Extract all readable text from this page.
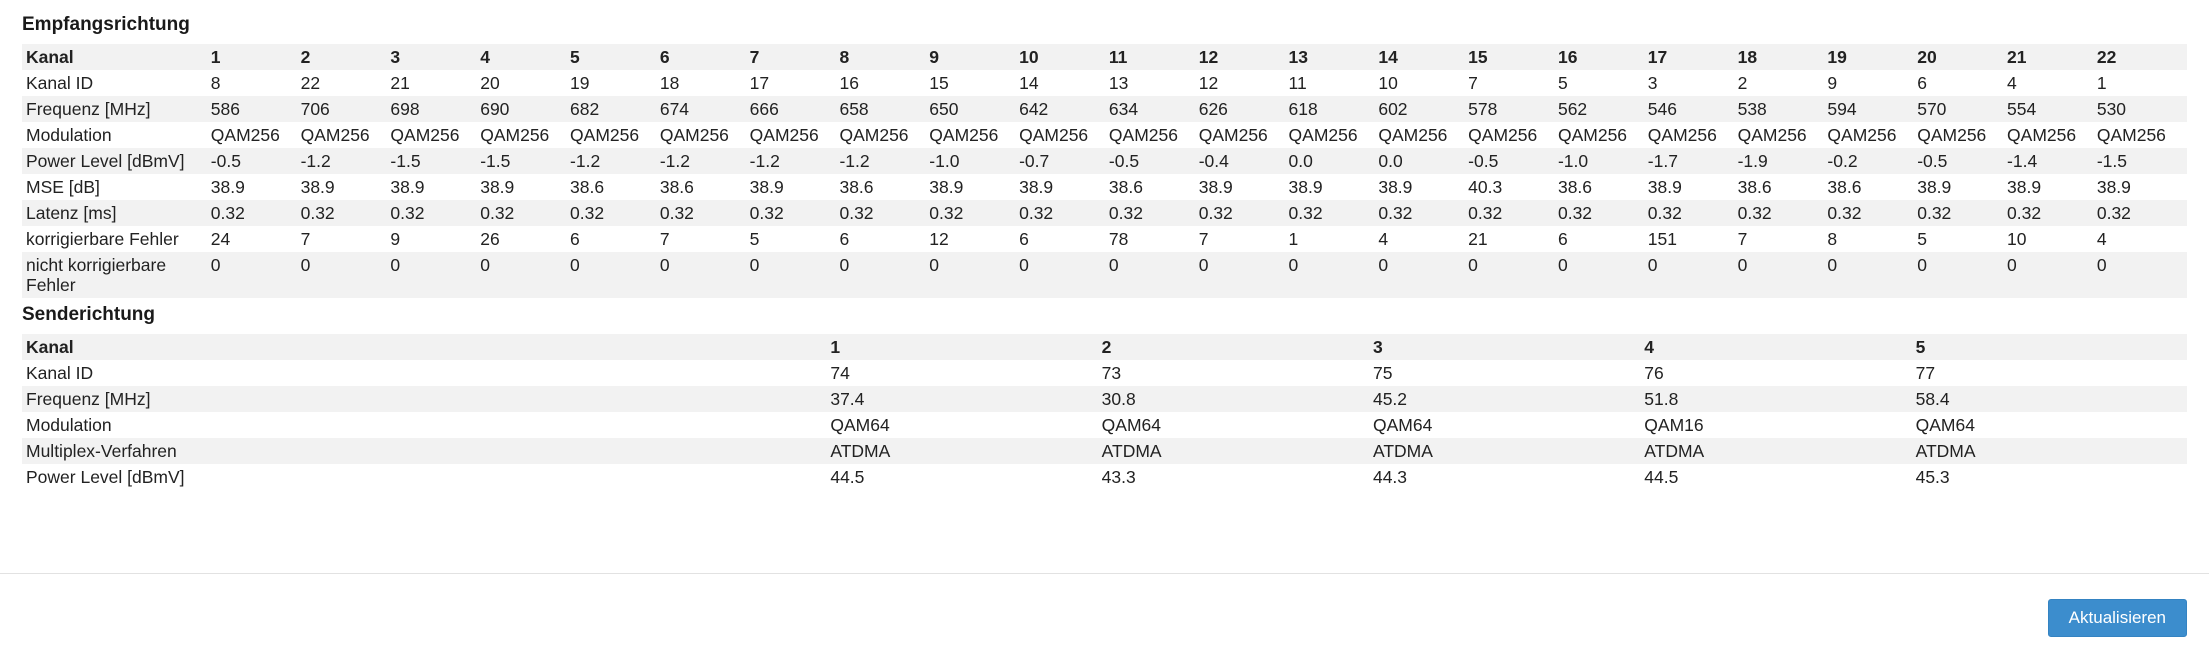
Empfangsrichtung
Kanal	1	2	3	4	5	6	7	8	9	10	11	12	13	14	15	16	17	18	19	20	21	22
Kanal ID	8	22	21	20	19	18	17	16	15	14	13	12	11	10	7	5	3	2	9	6	4	1
Frequenz [MHz]	586	706	698	690	682	674	666	658	650	642	634	626	618	602	578	562	546	538	594	570	554	530
Modulation	QAM256	QAM256	QAM256	QAM256	QAM256	QAM256	QAM256	QAM256	QAM256	QAM256	QAM256	QAM256	QAM256	QAM256	QAM256	QAM256	QAM256	QAM256	QAM256	QAM256	QAM256	QAM256
Power Level [dBmV]	-0.5	-1.2	-1.5	-1.5	-1.2	-1.2	-1.2	-1.2	-1.0	-0.7	-0.5	-0.4	0.0	0.0	-0.5	-1.0	-1.7	-1.9	-0.2	-0.5	-1.4	-1.5
MSE [dB]	38.9	38.9	38.9	38.9	38.6	38.6	38.9	38.6	38.9	38.9	38.6	38.9	38.9	38.9	40.3	38.6	38.9	38.6	38.6	38.9	38.9	38.9
Latenz [ms]	0.32	0.32	0.32	0.32	0.32	0.32	0.32	0.32	0.32	0.32	0.32	0.32	0.32	0.32	0.32	0.32	0.32	0.32	0.32	0.32	0.32	0.32
korrigierbare Fehler	24	7	9	26	6	7	5	6	12	6	78	7	1	4	21	6	151	7	8	5	10	4
nicht korrigierbare Fehler	0	0	0	0	0	0	0	0	0	0	0	0	0	0	0	0	0	0	0	0	0	0
Senderichtung
Kanal		1	2	3	4	5
Kanal ID		74	73	75	76	77
Frequenz [MHz]		37.4	30.8	45.2	51.8	58.4
Modulation		QAM64	QAM64	QAM64	QAM16	QAM64
Multiplex-Verfahren		ATDMA	ATDMA	ATDMA	ATDMA	ATDMA
Power Level [dBmV]		44.5	43.3	44.3	44.5	45.3
Aktualisieren
